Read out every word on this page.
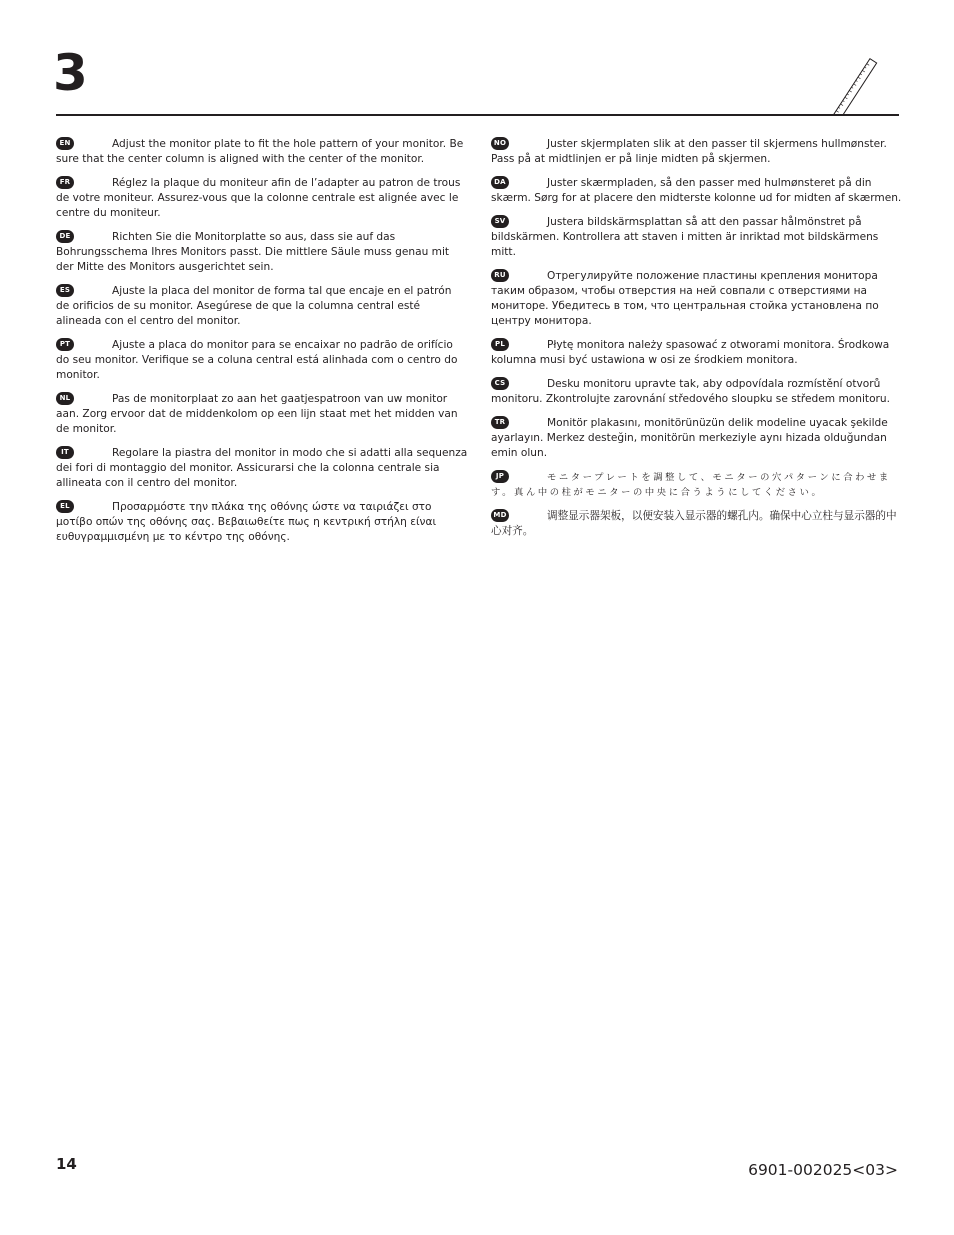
3
EN	Adjust the monitor plate to fit the hole pattern of your monitor. Be sure that the center column is aligned with the center of the monitor.
FR	Réglez la plaque du moniteur afin de l’adapter au patron de trous de votre moniteur. Assurez-vous que la colonne centrale est alignée avec le centre du moniteur.
DE	Richten Sie die Monitorplatte so aus, dass sie auf das Bohrungsschema Ihres Monitors passt. Die mittlere Säule muss genau mit der Mitte des Monitors ausgerichtet sein.
ES	Ajuste la placa del monitor de forma tal que encaje en el patrón de orificios de su monitor. Asegúrese de que la columna central esté alineada con el centro del monitor.
PT	Ajuste a placa do monitor para se encaixar no padrão de orifício do seu monitor. Verifique se a coluna central está alinhada com o centro do monitor.
NL	Pas de monitorplaat zo aan het gaatjespatroon van uw monitor aan. Zorg ervoor dat de middenkolom op een lijn staat met het midden van de monitor.
IT	Regolare la piastra del monitor in modo che si adatti alla sequenza dei fori di montaggio del monitor. Assicurarsi che la colonna centrale sia allineata con il centro del monitor.
EL	Προσαρμόστε την πλάκα της οθόνης ώστε να ταιριάζει στο μοτίβο οπών της οθόνης σας. Βεβαιωθείτε πως η κεντρική στήλη είναι ευθυγραμμισμένη με το κέντρο της οθόνης.
NO	Juster skjermplaten slik at den passer til skjermens hullmønster. Pass på at midtlinjen er på linje midten på skjermen.
DA	Juster skærmpladen, så den passer med hulmønsteret på din skærm. Sørg for at placere den midterste kolonne ud for midten af skærmen.
SV	Justera bildskärmsplattan så att den passar hålmönstret på bildskärmen. Kontrollera att staven i mitten är inriktad mot bildskärmens mitt.
RU	Отрегулируйте положение пластины крепления монитора таким образом, чтобы отверстия на ней совпали с отверстиями на мониторе. Убедитесь в том, что центральная стойка установлена по центру монитора.
PL	Płytę monitora należy spasować z otworami monitora. Środkowa kolumna musi być ustawiona w osi ze środkiem monitora.
CS	Desku monitoru upravte tak, aby odpovídala rozmístění otvorů monitoru. Zkontrolujte zarovnání středového sloupku se středem monitoru.
TR	Monitör plakasını, monitörünüzün delik modeline uyacak şekilde ayarlayın. Merkez desteğin, monitörün merkeziyle aynı hizada olduğundan emin olun.
JP	モニタープレートを調整して、モニターの穴パターンに合わせます。真ん中の柱がモニターの中央に合うようにしてください。
MD	调整显示器架板，以便安装入显示器的螺孔内。确保中心立柱与显示器的中心对齐。
14	6901-002025<03>
